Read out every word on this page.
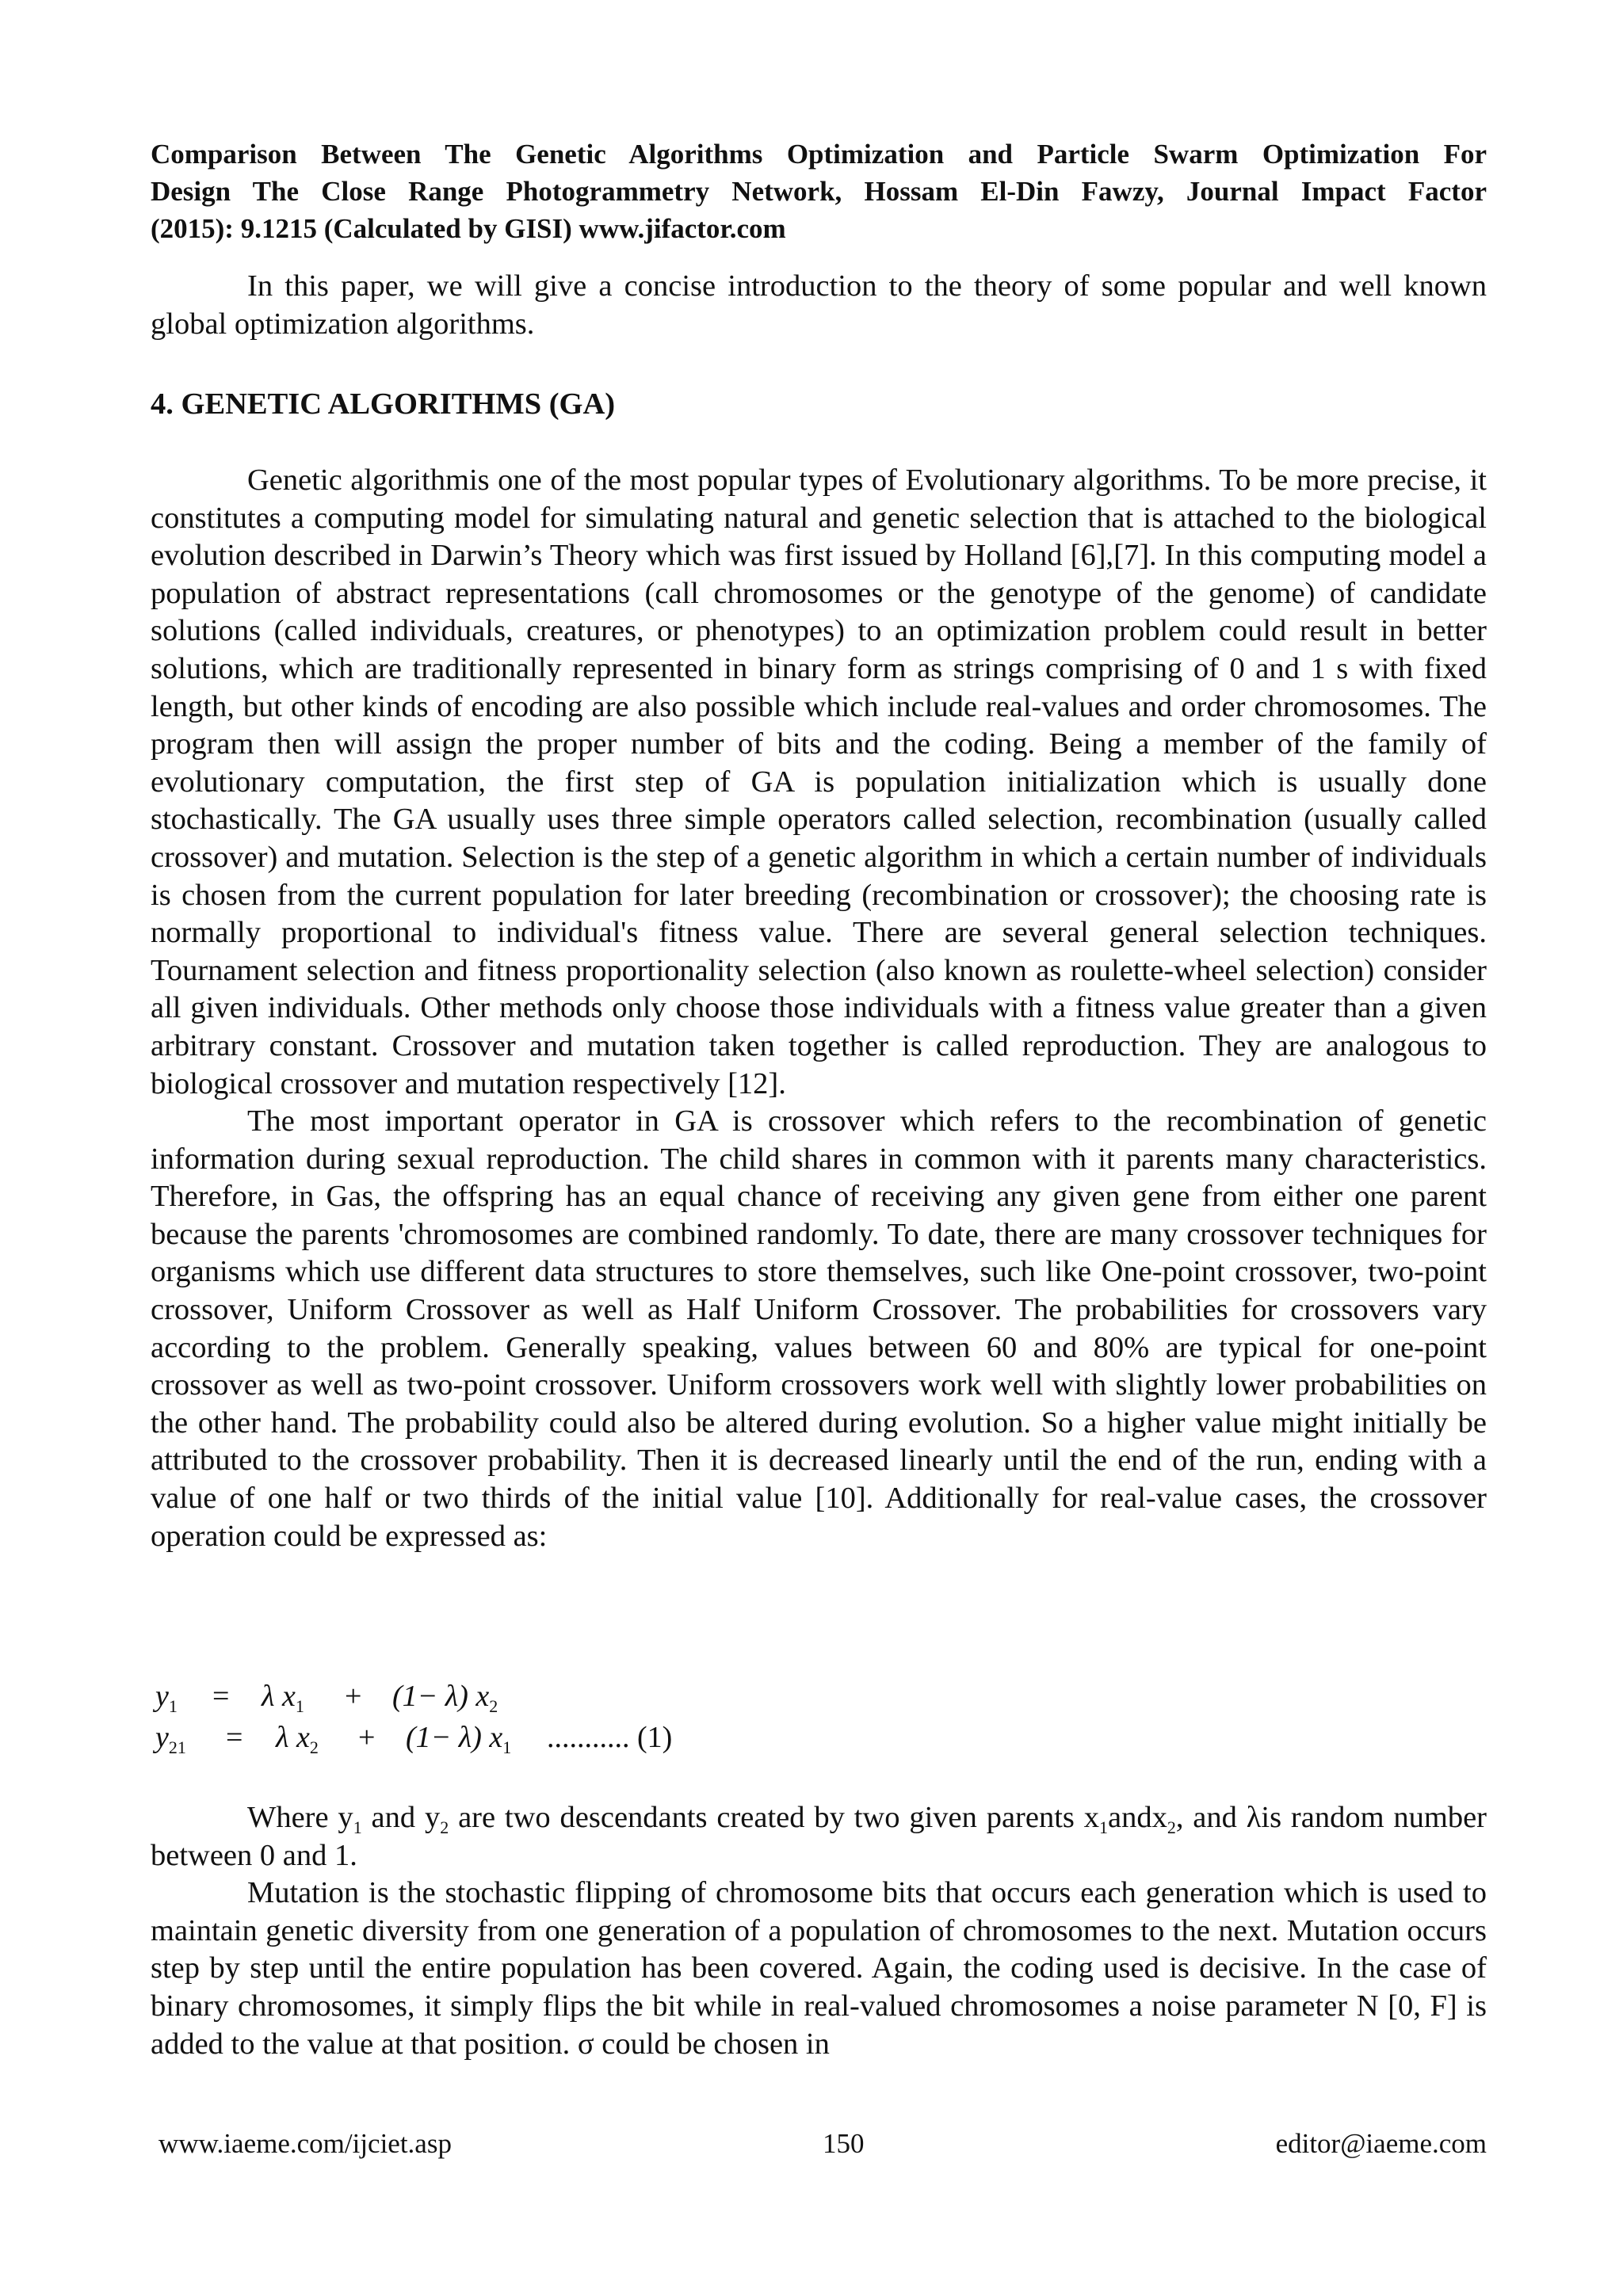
Comparison Between The Genetic Algorithms Optimization and Particle Swarm Optimization For
Design The Close Range Photogrammetry Network, Hossam El-Din Fawzy, Journal Impact Factor
(2015): 9.1215 (Calculated by GISI) www.jifactor.com

In this paper, we will give a concise introduction to the theory of some popular and well known global optimization algorithms.

4. GENETIC ALGORITHMS (GA)

Genetic algorithmis one of the most popular types of Evolutionary algorithms. To be more precise, it constitutes a computing model for simulating natural and genetic selection that is attached to the biological evolution described in Darwin’s Theory which was first issued by Holland [6],[7]. In this computing model a population of abstract representations (call chromosomes or the genotype of the genome) of candidate solutions (called individuals, creatures, or phenotypes) to an optimization problem could result in better solutions, which are traditionally represented in binary form as strings comprising of 0 and 1 s with fixed length, but other kinds of encoding are also possible which include real-values and order chromosomes. The program then will assign the proper number of bits and the coding. Being a member of the family of evolutionary computation, the first step of GA is population initialization which is usually done stochastically. The GA usually uses three simple operators called selection, recombination (usually called crossover) and mutation. Selection is the step of a genetic algorithm in which a certain number of individuals is chosen from the current population for later breeding (recombination or crossover); the choosing rate is normally proportional to individual's fitness value. There are several general selection techniques. Tournament selection and fitness proportionality selection (also known as roulette-wheel selection) consider all given individuals. Other methods only choose those individuals with a fitness value greater than a given arbitrary constant. Crossover and mutation taken together is called reproduction. They are analogous to biological crossover and mutation respectively [12].

The most important operator in GA is crossover which refers to the recombination of genetic information during sexual reproduction. The child shares in common with it parents many characteristics. Therefore, in Gas, the offspring has an equal chance of receiving any given gene from either one parent because the parents 'chromosomes are combined randomly. To date, there are many crossover techniques for organisms which use different data structures to store themselves, such like One-point crossover, two-point crossover, Uniform Crossover as well as Half Uniform Crossover. The probabilities for crossovers vary according to the problem. Generally speaking, values between 60 and 80% are typical for one-point crossover as well as two-point crossover. Uniform crossovers work well with slightly lower probabilities on the other hand. The probability could also be altered during evolution. So a higher value might initially be attributed to the crossover probability. Then it is decreased linearly until the end of the run, ending with a value of one half or two thirds of the initial value [10]. Additionally for real-value cases, the crossover operation could be expressed as:

$y_1 = \lambda$ $x_1 + (1- \lambda)$ $x_2$
$y_{21} = \lambda$ $x_2 + (1- \lambda)$ $x_1$ ........... (1)

Where $y_1$ and $y_2$ are two descendants created by two given parents $x_1andx_2$, and λis random number between 0 and 1.

Mutation is the stochastic flipping of chromosome bits that occurs each generation which is used to maintain genetic diversity from one generation of a population of chromosomes to the next. Mutation occurs step by step until the entire population has been covered. Again, the coding used is decisive. In the case of binary chromosomes, it simply flips the bit while in real-valued chromosomes a noise parameter N [0, F] is added to the value at that position. σ could be chosen in

www.iaeme.com/ijciet.asp	150	editor@iaeme.com
